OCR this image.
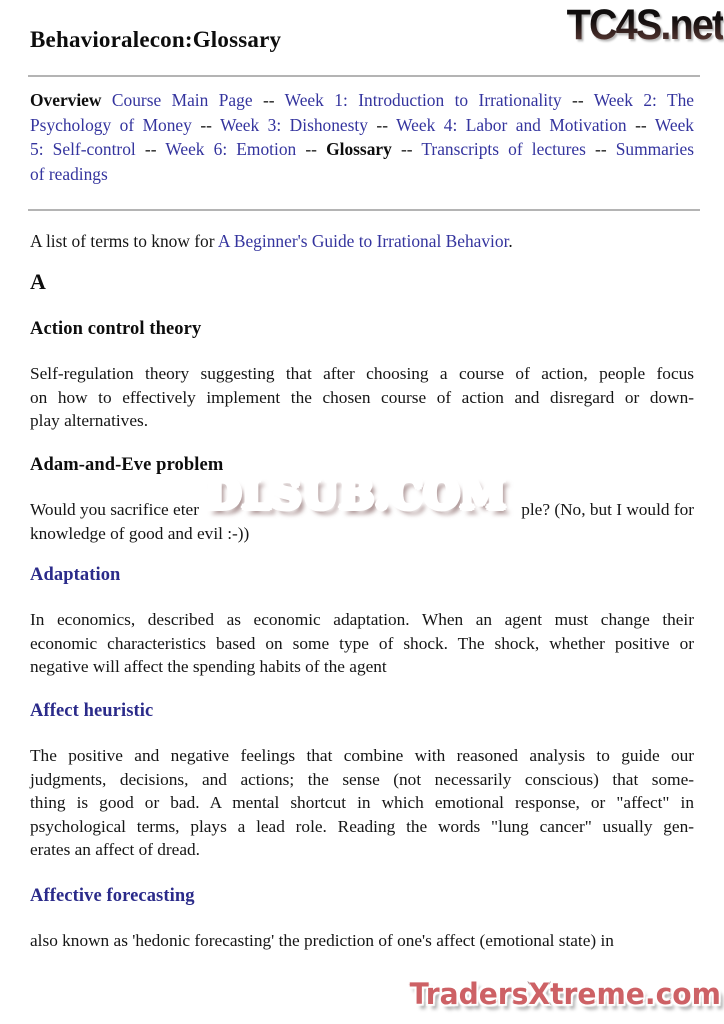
Behavioralecon:Glossary	TC4S.net
Overview Course Main Page -- Week 1: Introduction to Irrationality -- Week 2: The
Psychology of Money -- Week 3: Dishonesty -- Week 4: Labor and Motivation -- Week
5: Self-control -- Week 6: Emotion -- Glossary -- Transcripts of lectures -- Summaries
of readings
A list of terms to know for A Beginner's Guide to Irrational Behavior.
A
Action control theory
Self-regulation theory suggesting that after choosing a course of action, people focus
on how to effectively implement the chosen course of action and disregard or down-
play alternatives.
Adam-and-Eve problem
Would you sacrifice eter DLSUB.COM ple? (No, but I would for
knowledge of good and evil :-))
Adaptation
In economics, described as economic adaptation. When an agent must change their
economic characteristics based on some type of shock. The shock, whether positive or
negative will affect the spending habits of the agent
Affect heuristic
The positive and negative feelings that combine with reasoned analysis to guide our
judgments, decisions, and actions; the sense (not necessarily conscious) that some-
thing is good or bad. A mental shortcut in which emotional response, or "affect" in
psychological terms, plays a lead role. Reading the words "lung cancer" usually gen-
erates an affect of dread.
Affective forecasting
also known as 'hedonic forecasting' the prediction of one's affect (emotional state) in
TradersXtreme.com
